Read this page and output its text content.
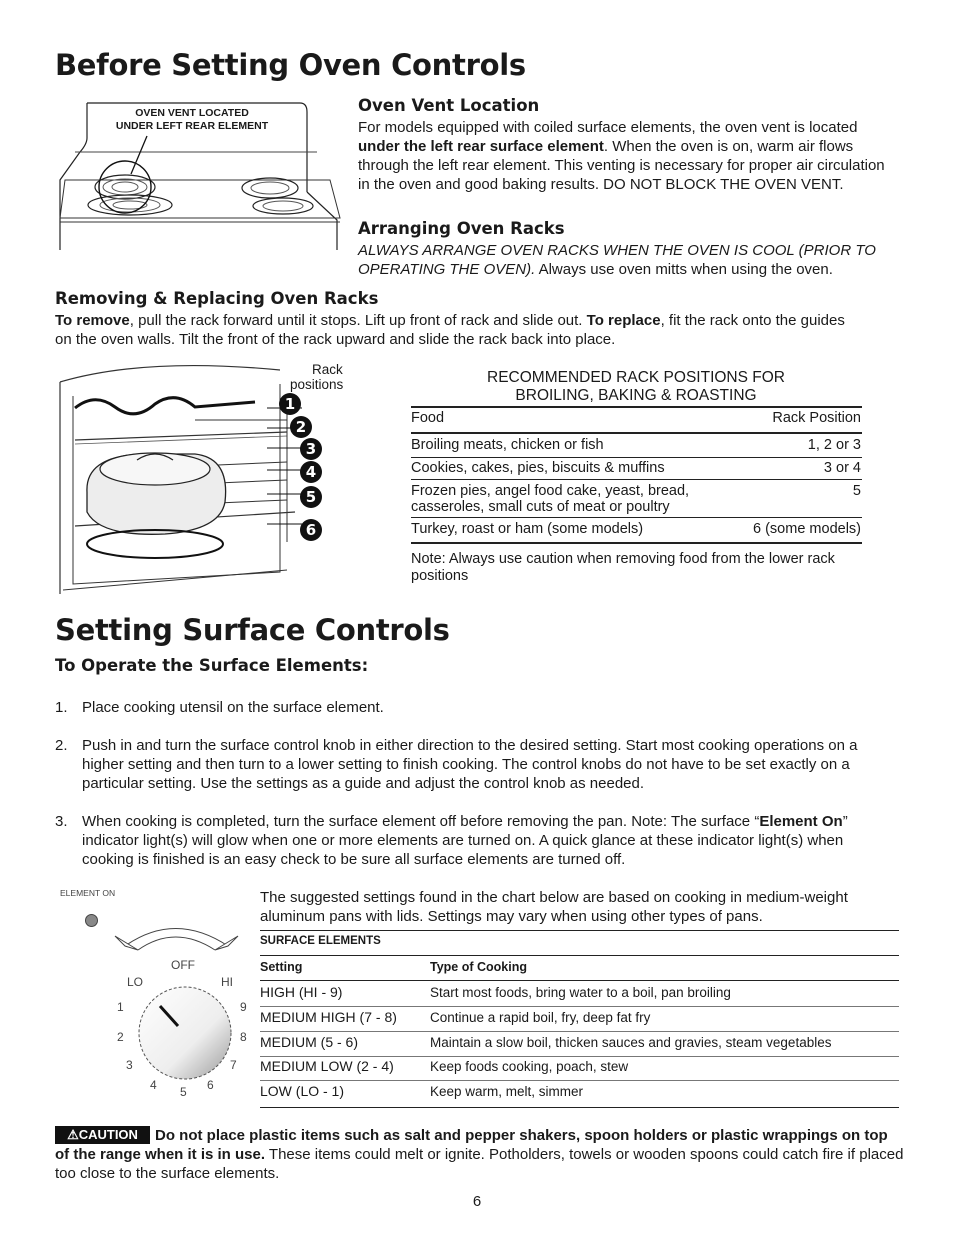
Before Setting Oven Controls
OVEN VENT LOCATED
UNDER LEFT REAR ELEMENT
Oven Vent Location
For models equipped with coiled surface elements, the oven vent is located
under the left rear surface element. When the oven is on, warm air flows
through the left rear element. This venting is necessary for proper air circulation
in the oven and good baking results. DO NOT BLOCK THE OVEN VENT.
Arranging Oven Racks
ALWAYS ARRANGE OVEN RACKS WHEN THE OVEN IS COOL (PRIOR TO
OPERATING THE OVEN). Always use oven mitts when using the oven.
Removing & Replacing Oven Racks
To remove, pull the rack forward until it stops. Lift up front of rack and slide out. To replace, fit the rack onto the guides
on the oven walls. Tilt the front of the rack upward and slide the rack back into place.
Rack
positions
1
2
3
4
5
6
RECOMMENDED RACK POSITIONS FOR
BROILING, BAKING & ROASTING
Food	Rack Position
Broiling meats, chicken or fish	1, 2 or 3
Cookies, cakes, pies, biscuits & muffins	3 or 4
Frozen pies, angel food cake, yeast, bread,
casseroles, small cuts of meat or poultry
5
Turkey, roast or ham (some models)	6 (some models)
Note: Always use caution when removing food from the lower rack
positions
Setting Surface Controls
To Operate the Surface Elements:
1. Place cooking utensil on the surface element.
2. Push in and turn the surface control knob in either direction to the desired setting. Start most cooking operations on a
higher setting and then turn to a lower setting to finish cooking. The control knobs do not have to be set exactly on a
particular setting. Use the settings as a guide and adjust the control knob as needed.
3. When cooking is completed, turn the surface element off before removing the pan. Note: The surface “Element On”
indicator light(s) will glow when one or more elements are turned on. A quick glance at these indicator light(s) when
cooking is finished is an easy check to be sure all surface elements are turned off.
ELEMENT ON
OFF
LO	HI
1
2
3
4 5 6
7
8
9
The suggested settings found in the chart below are based on cooking in medium-weight
aluminum pans with lids. Settings may vary when using other types of pans.
SURFACE ELEMENTS
Setting	Type of Cooking
HIGH (HI - 9)	Start most foods, bring water to a boil, pan broiling
MEDIUM HIGH (7 - 8) Continue a rapid boil, fry, deep fat fry
MEDIUM (5 - 6)	Maintain a slow boil, thicken sauces and gravies, steam vegetables
MEDIUM LOW (2 - 4)	Keep foods cooking, poach, stew
LOW (LO - 1)	Keep warm, melt, simmer
⚠CAUTION	Do not place plastic items such as salt and pepper shakers, spoon holders or plastic wrappings on top
of the range when it is in use. These items could melt or ignite. Potholders, towels or wooden spoons could catch fire if placed
too close to the surface elements.
6
